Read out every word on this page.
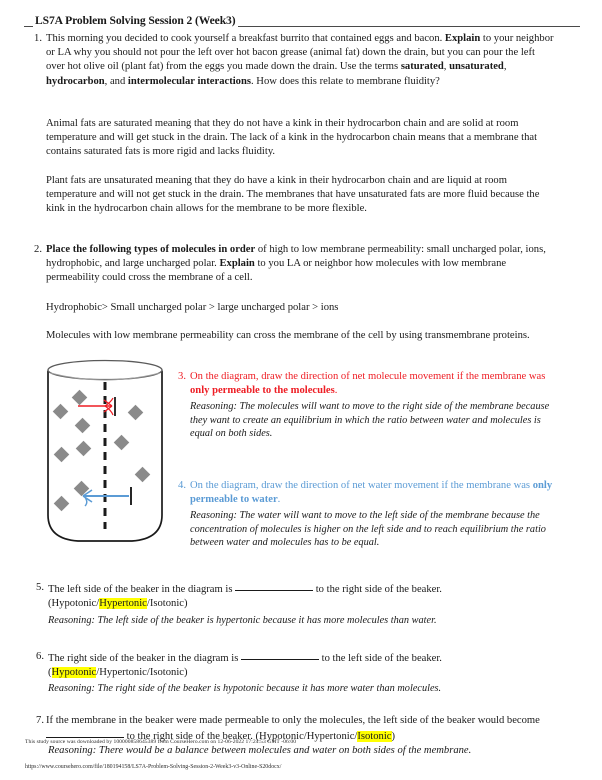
LS7A Problem Solving Session 2 (Week3)
1. This morning you decided to cook yourself a breakfast burrito that contained eggs and bacon. Explain to your neighbor or LA why you should not pour the left over hot bacon grease (animal fat) down the drain, but you can pour the left over hot olive oil (plant fat) from the eggs you made down the drain. Use the terms saturated, unsaturated, hydrocarbon, and intermolecular interactions. How does this relate to membrane fluidity?
Animal fats are saturated meaning that they do not have a kink in their hydrocarbon chain and are solid at room temperature and will get stuck in the drain. The lack of a kink in the hydrocarbon chain means that a membrane that contains saturated fats is more rigid and lacks fluidity.
Plant fats are unsaturated meaning that they do have a kink in their hydrocarbon chain and are liquid at room temperature and will not get stuck in the drain. The membranes that have unsaturated fats are more fluid because the kink in the hydrocarbon chain allows for the membrane to be more flexible.
2. Place the following types of molecules in order of high to low membrane permeability: small uncharged polar, ions, hydrophobic, and large uncharged polar. Explain to you LA or neighbor how molecules with low membrane permeability could cross the membrane of a cell.
Hydrophobic> Small uncharged polar > large uncharged polar > ions
Molecules with low membrane permeability can cross the membrane of the cell by using transmembrane proteins.
3. On the diagram, draw the direction of net molecule movement if the membrane was only permeable to the molecules.
Reasoning: The molecules will want to move to the right side of the membrane because they want to create an equilibrium in which the ratio between water and molecules is equal on both sides.
4. On the diagram, draw the direction of net water movement if the membrane was only permeable to water.
Reasoning: The water will want to move to the left side of the membrane because the concentration of molecules is higher on the left side and to reach equilibrium the ratio between water and molecules has to be equal.
5. The left side of the beaker in the diagram is	to the right side of the beaker.
(Hypotonic/Hypertonic/Isotonic)
Reasoning: The left side of the beaker is hypertonic because it has more molecules than water.
6. The right side of the beaker in the diagram is	to the left side of the beaker.
(Hypotonic/Hypertonic/Isotonic)
Reasoning: The right side of the beaker is hypotonic because it has more water than molecules.
7. If the membrane in the beaker were made permeable to only the molecules, the left side of the beaker would become  to the right side of the beaker. (Hypotonic/Hypertonic/Isotonic)
Reasoning: There would be a balance between molecules and water on both sides of the membrane.
This study source was downloaded by 100000858645389 from CourseHero.com on 12-06-2022 17:24:53 GMT -06:00
https://www.coursehero.com/file/180194158/LS7A-Problem-Solving-Session-2-Week3-v3-Online-S20docx/
